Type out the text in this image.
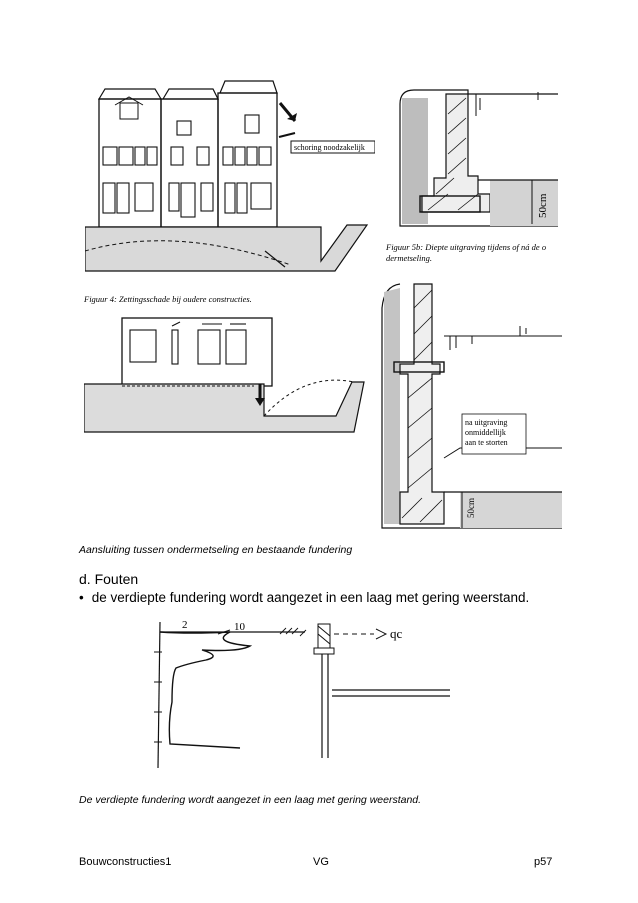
schoring noodzakelijk
Figuur 4: Zettingsschade bij oudere constructies.
50cm
Figuur 5b: Diepte uitgraving tijdens of ná de o
dermetseling.
na uitgraving
onmiddellijk
aan te storten
50cm
Aansluiting tussen ondermetseling en bestaande fundering
d. Fouten
• de verdiepte fundering wordt aangezet in een laag met gering weerstand.
2	10	qc
De verdiepte fundering wordt aangezet in een laag met gering weerstand.
Bouwconstructies1	VG	p57
